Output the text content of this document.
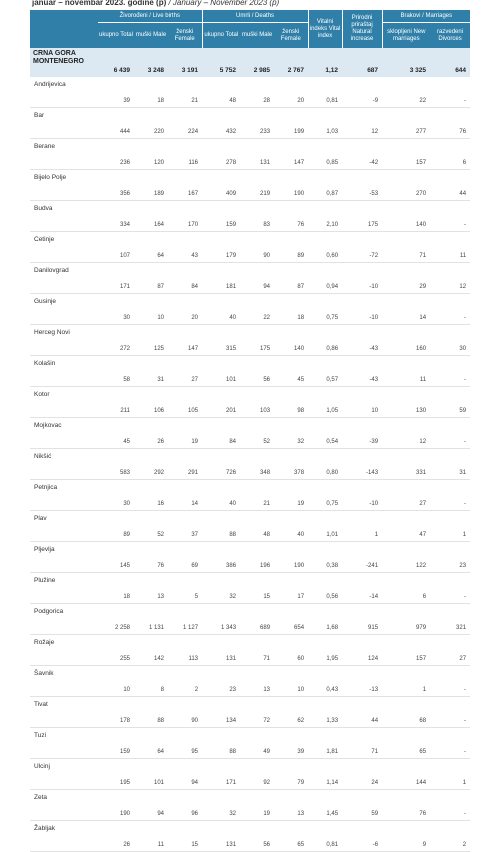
januar – novembar 2023. godine (p) / January – November 2023 (p)
	Živorođeni / Live births			Umrli / Deaths			Vitalni indeks Vital index	Prirodni priraštaj Natural increase	Brakovi / Marriages	
	ukupno Total	muški Male	ženski Female	ukupno Total	muški Male	ženski Female			sklopljeni New marriages	razvedeni Divorces
CRNA GORA MONTENEGRO	6 439	3 248	3 191	5 752	2 985	2 767	1,12	687	3 325	644
Andrijevica	39	18	21	48	28	20	0,81	-9	22	-
Bar	444	220	224	432	233	199	1,03	12	277	76
Berane	236	120	116	278	131	147	0,85	-42	157	6
Bijelo Polje	356	189	167	409	219	190	0,87	-53	270	44
Budva	334	164	170	159	83	76	2,10	175	140	-
Cetinje	107	64	43	179	90	89	0,60	-72	71	11
Danilovgrad	171	87	84	181	94	87	0,94	-10	29	12
Gusinje	30	10	20	40	22	18	0,75	-10	14	-
Herceg Novi	272	125	147	315	175	140	0,86	-43	160	30
Kolašin	58	31	27	101	56	45	0,57	-43	11	-
Kotor	211	106	105	201	103	98	1,05	10	130	59
Mojkovac	45	26	19	84	52	32	0,54	-39	12	-
Nikšić	583	292	291	726	348	378	0,80	-143	331	31
Petnjica	30	16	14	40	21	19	0,75	-10	27	-
Plav	89	52	37	88	48	40	1,01	1	47	1
Pljevlja	145	76	69	386	196	190	0,38	-241	122	23
Plužine	18	13	5	32	15	17	0,56	-14	6	-
Podgorica	2 258	1 131	1 127	1 343	689	654	1,68	915	979	321
Rožaje	255	142	113	131	71	60	1,95	124	157	27
Šavnik	10	8	2	23	13	10	0,43	-13	1	-
Tivat	178	88	90	134	72	62	1,33	44	68	-
Tuzi	159	64	95	88	49	39	1,81	71	65	-
Ulcinj	195	101	94	171	92	79	1,14	24	144	1
Zeta	190	94	96	32	19	13	1,45	59	76	-
Žabljak	26	11	15	131	56	65	0,81	-6	9	2
